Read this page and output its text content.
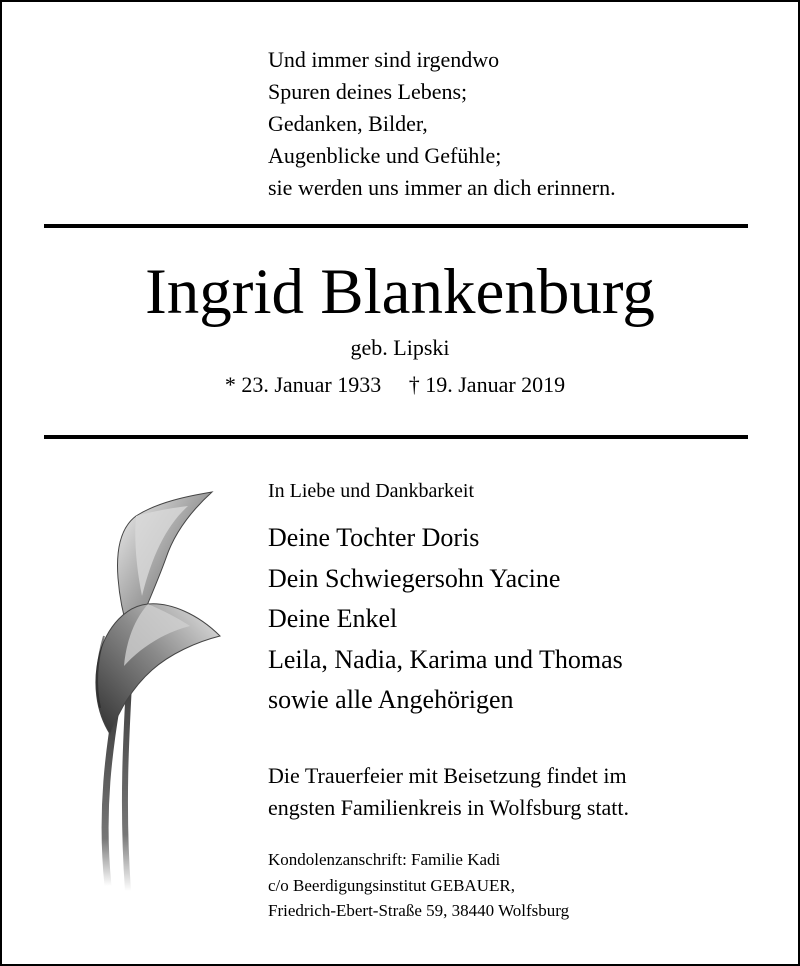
Und immer sind irgendwo
Spuren deines Lebens;
Gedanken, Bilder,
Augenblicke und Gefühle;
sie werden uns immer an dich erinnern.
Ingrid Blankenburg
geb. Lipski
* 23. Januar 1933 † 19. Januar 2019
In Liebe und Dankbarkeit
Deine Tochter Doris
Dein Schwiegersohn Yacine
Deine Enkel
Leila, Nadia, Karima und Thomas
sowie alle Angehörigen
Die Trauerfeier mit Beisetzung findet im
engsten Familienkreis in Wolfsburg statt.
Kondolenzanschrift: Familie Kadi
c/o Beerdigungsinstitut GEBAUER,
Friedrich-Ebert-Straße 59, 38440 Wolfsburg
